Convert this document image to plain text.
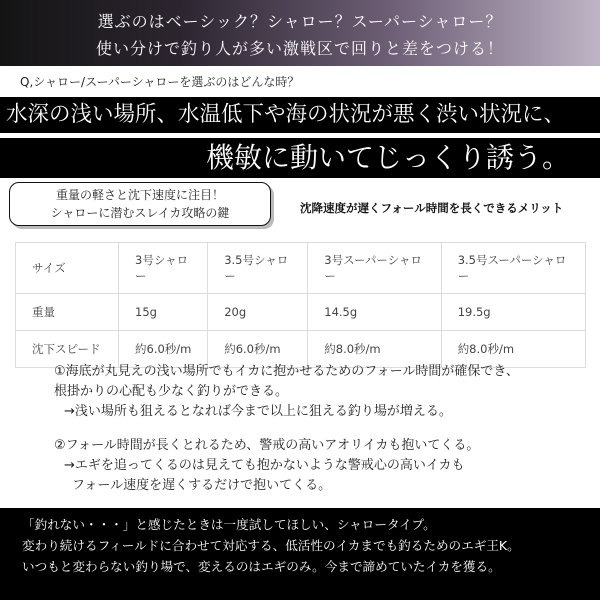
選ぶのはベーシック？シャロー？スーパーシャロー？
使い分けで釣り人が多い激戦区で回りと差をつける！
Q,シャロー/スーパーシャローを選ぶのはどんな時？
水深の浅い場所、水温低下や海の状況が悪く渋い状況に、
機敏に動いてじっくり誘う。
重量の軽さと沈下速度に注目！
シャローに潜むスレイカ攻略の鍵	沈降速度が遅くフォール時間を長くできるメリット
サイズ	3号シャロー	3.5号シャロー	3号スーパーシャロー	3.5号スーパーシャロー
重量	15g	20g	14.5g	19.5g
沈下スピード	約6.0秒/m	約6.0秒/m	約8.0秒/m	約8.0秒/m
①海底が丸見えの浅い場所でもイカに抱かせるためのフォール時間が確保でき、
根掛かりの心配も少なく釣りができる。
→浅い場所も狙えるとなれば今まで以上に狙える釣り場が増える。
②フォール時間が長くとれるため、警戒の高いアオリイカも抱いてくる。
→エギを追ってくるのは見えても抱かないような警戒心の高いイカも
フォール速度を遅くするだけで抱いてくる。
「釣れない・・・」と感じたときは一度試してほしい、シャロータイプ。
変わり続けるフィールドに合わせて対応する、低活性のイカまでも釣るためのエギ王K。
いつもと変わらない釣り場で、変えるのはエギのみ。今まで諦めていたイカを獲る。
